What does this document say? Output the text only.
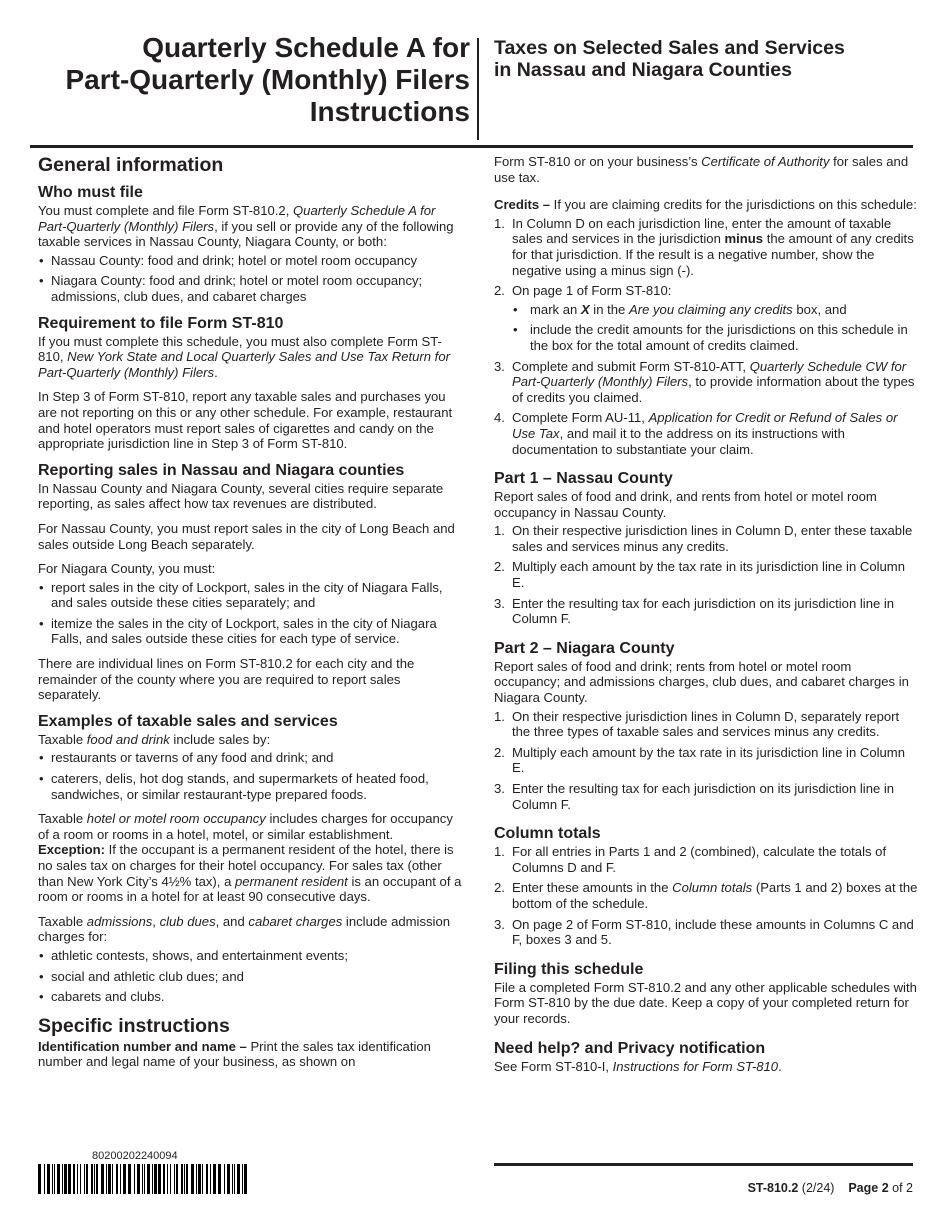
Quarterly Schedule A for
Part-Quarterly (Monthly) Filers
Instructions
Taxes on Selected Sales and Services
in Nassau and Niagara Counties
General information
Who must file

You must complete and file Form ST-810.2, Quarterly Schedule A for Part-Quarterly (Monthly) Filers, if you sell or provide any of the following taxable services in Nassau County, Niagara County, or both:

• Nassau County: food and drink; hotel or motel room occupancy
• Niagara County: food and drink; hotel or motel room occupancy; admissions, club dues, and cabaret charges
Requirement to file Form ST-810

If you must complete this schedule, you must also complete Form ST-810, New York State and Local Quarterly Sales and Use Tax Return for Part-Quarterly (Monthly) Filers.

In Step 3 of Form ST-810, report any taxable sales and purchases you are not reporting on this or any other schedule. For example, restaurant and hotel operators must report sales of cigarettes and candy on the appropriate jurisdiction line in Step 3 of Form ST-810.

Reporting sales in Nassau and Niagara counties

In Nassau County and Niagara County, several cities require separate reporting, as sales affect how tax revenues are distributed.

For Nassau County, you must report sales in the city of Long Beach and sales outside Long Beach separately.

For Niagara County, you must:

• report sales in the city of Lockport, sales in the city of Niagara Falls, and sales outside these cities separately; and
• itemize the sales in the city of Lockport, sales in the city of Niagara Falls, and sales outside these cities for each type of service.

There are individual lines on Form ST-810.2 for each city and the remainder of the county where you are required to report sales separately.

Examples of taxable sales and services

Taxable food and drink include sales by:

• restaurants or taverns of any food and drink; and
• caterers, delis, hot dog stands, and supermarkets of heated food, sandwiches, or similar restaurant-type prepared foods.

Taxable hotel or motel room occupancy includes charges for occupancy of a room or rooms in a hotel, motel, or similar establishment. Exception: If the occupant is a permanent resident of the hotel, there is no sales tax on charges for their hotel occupancy. For sales tax (other than New York City’s 4½% tax), a permanent resident is an occupant of a room or rooms in a hotel for at least 90 consecutive days.

Taxable admissions, club dues, and cabaret charges include admission charges for:

• athletic contests, shows, and entertainment events;
• social and athletic club dues; and
• cabarets and clubs.
Specific instructions

Identification number and name – Print the sales tax identification number and legal name of your business, as shown on

Form ST-810 or on your business’s Certificate of Authority for sales and use tax.

Credits – If you are claiming credits for the jurisdictions on this schedule:

1. In Column D on each jurisdiction line, enter the amount of taxable sales and services in the jurisdiction minus the amount of any credits for that jurisdiction. If the result is a negative number, show the negative using a minus sign (-).
2. On page 1 of Form ST-810:
• mark an X in the Are you claiming any credits box, and
• include the credit amounts for the jurisdictions on this schedule in the box for the total amount of credits claimed.
3. Complete and submit Form ST-810-ATT, Quarterly Schedule CW for Part-Quarterly (Monthly) Filers, to provide information about the types of credits you claimed.
4. Complete Form AU-11, Application for Credit or Refund of Sales or Use Tax, and mail it to the address on its instructions with documentation to substantiate your claim.
Part 1 – Nassau County

Report sales of food and drink, and rents from hotel or motel room occupancy in Nassau County.

1. On their respective jurisdiction lines in Column D, enter these taxable sales and services minus any credits.
2. Multiply each amount by the tax rate in its jurisdiction line in Column E.
3. Enter the resulting tax for each jurisdiction on its jurisdiction line in Column F.
Part 2 – Niagara County

Report sales of food and drink; rents from hotel or motel room occupancy; and admissions charges, club dues, and cabaret charges in Niagara County.

1. On their respective jurisdiction lines in Column D, separately report the three types of taxable sales and services minus any credits.
2. Multiply each amount by the tax rate in its jurisdiction line in Column E.
3. Enter the resulting tax for each jurisdiction on its jurisdiction line in Column F.
Column totals
1. For all entries in Parts 1 and 2 (combined), calculate the totals of Columns D and F.
2. Enter these amounts in the Column totals (Parts 1 and 2) boxes at the bottom of the schedule.
3. On page 2 of Form ST-810, include these amounts in Columns C and F, boxes 3 and 5.
Filing this schedule

File a completed Form ST-810.2 and any other applicable schedules with Form ST-810 by the due date. Keep a copy of your completed return for your records.

Need help? and Privacy notification

See Form ST-810-I, Instructions for Form ST-810.

80200202240094
ST-810.2 (2/24) Page 2 of 2
